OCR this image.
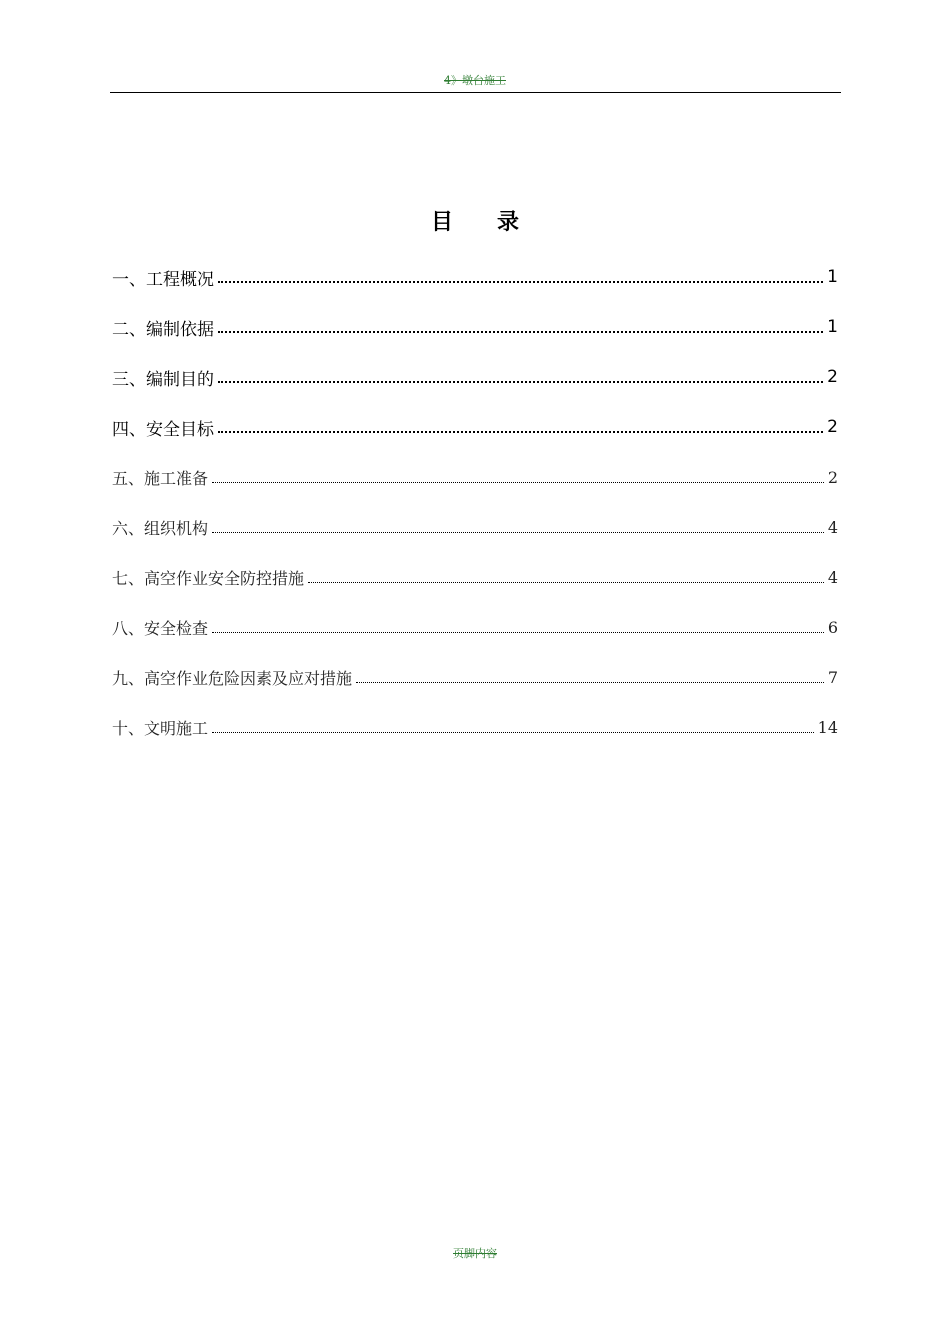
4》墩台施工
目录
一、工程概况	1
二、编制依据	1
三、编制目的	2
四、安全目标	2
五、施工准备	2
六、组织机构	4
七、高空作业安全防控措施	4
八、安全检查	6
九、高空作业危险因素及应对措施	7
十、文明施工	14
页脚内容
